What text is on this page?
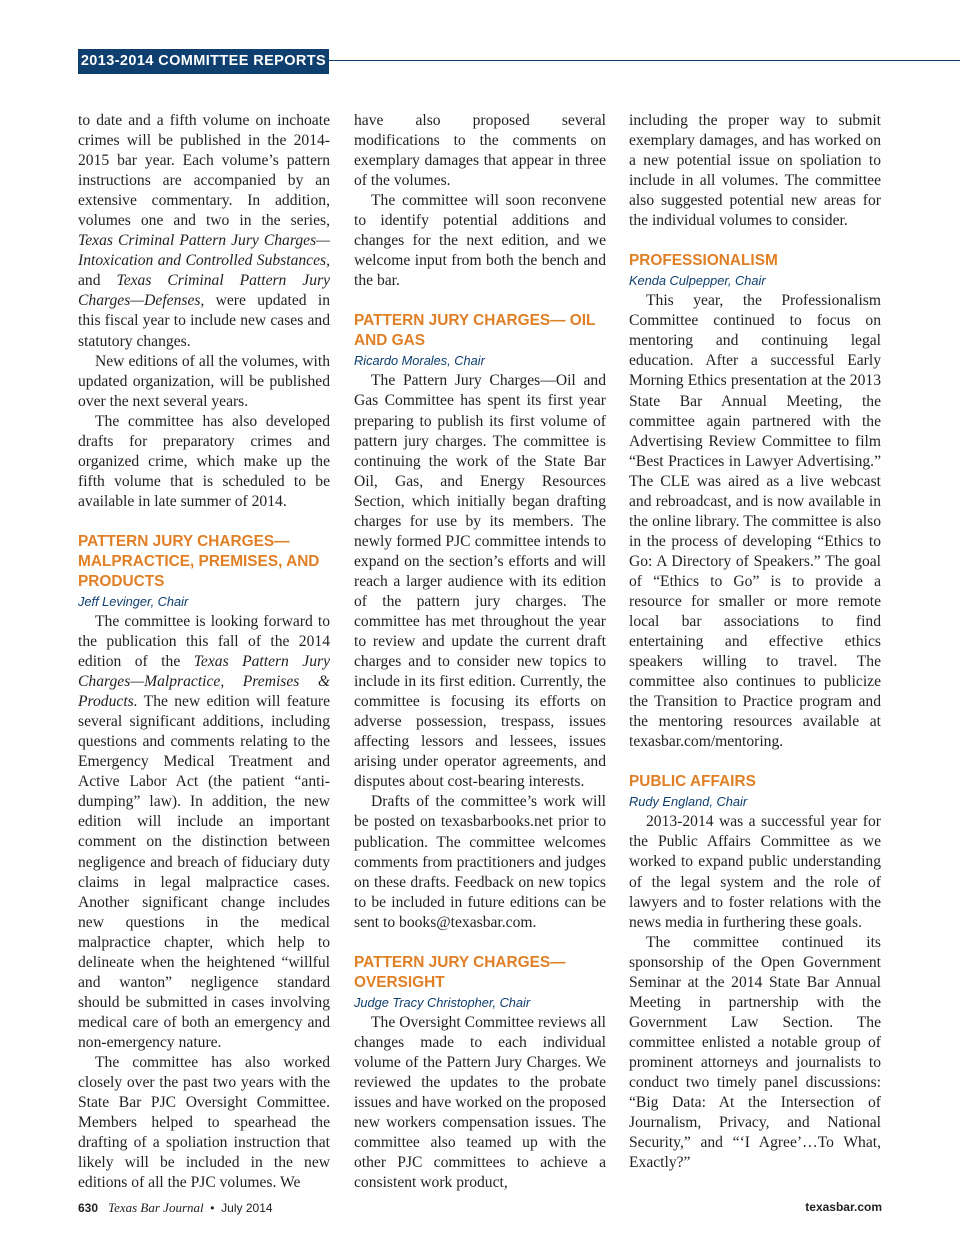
2013-2014 COMMITTEE REPORTS

to date and a fifth volume on inchoate crimes will be published in the 2014-2015 bar year. Each volume’s pattern instructions are accompanied by an extensive commentary. In addition, volumes one and two in the series, Texas Criminal Pattern Jury Charges—Intoxication and Controlled Substances, and Texas Criminal Pattern Jury Charges—Defenses, were updated in this fiscal year to include new cases and statutory changes.

New editions of all the volumes, with updated organization, will be published over the next several years.

The committee has also developed drafts for preparatory crimes and organized crime, which make up the fifth volume that is scheduled to be available in late summer of 2014.

PATTERN JURY CHARGES— MALPRACTICE, PREMISES, AND PRODUCTS
Jeff Levinger, Chair

The committee is looking forward to the publication this fall of the 2014 edition of the Texas Pattern Jury Charges—Malpractice, Premises & Products. The new edition will feature several significant additions, including questions and comments relating to the Emergency Medical Treatment and Active Labor Act (the patient “anti-dumping” law). In addition, the new edition will include an important comment on the distinction between negligence and breach of fiduciary duty claims in legal malpractice cases. Another significant change includes new questions in the medical malpractice chapter, which help to delineate when the heightened “willful and wanton” negligence standard should be submitted in cases involving medical care of both an emergency and non-emergency nature.

The committee has also worked closely over the past two years with the State Bar PJC Oversight Committee. Members helped to spearhead the drafting of a spoliation instruction that likely will be included in the new editions of all the PJC volumes. We

have also proposed several modifications to the comments on exemplary damages that appear in three of the volumes.

The committee will soon reconvene to identify potential additions and changes for the next edition, and we welcome input from both the bench and the bar.

PATTERN JURY CHARGES— OIL AND GAS
Ricardo Morales, Chair

The Pattern Jury Charges—Oil and Gas Committee has spent its first year preparing to publish its first volume of pattern jury charges. The committee is continuing the work of the State Bar Oil, Gas, and Energy Resources Section, which initially began drafting charges for use by its members. The newly formed PJC committee intends to expand on the section’s efforts and will reach a larger audience with its edition of the pattern jury charges. The committee has met throughout the year to review and update the current draft charges and to consider new topics to include in its first edition. Currently, the committee is focusing its efforts on adverse possession, trespass, issues affecting lessors and lessees, issues arising under operator agreements, and disputes about cost-bearing interests.

Drafts of the committee’s work will be posted on texasbarbooks.net prior to publication. The committee welcomes comments from practitioners and judges on these drafts. Feedback on new topics to be included in future editions can be sent to books@texasbar.com.

PATTERN JURY CHARGES— OVERSIGHT
Judge Tracy Christopher, Chair

The Oversight Committee reviews all changes made to each individual volume of the Pattern Jury Charges. We reviewed the updates to the probate issues and have worked on the proposed new workers compensation issues. The committee also teamed up with the other PJC committees to achieve a consistent work product,

including the proper way to submit exemplary damages, and has worked on a new potential issue on spoliation to include in all volumes. The committee also suggested potential new areas for the individual volumes to consider.

PROFESSIONALISM
Kenda Culpepper, Chair

This year, the Professionalism Committee continued to focus on mentoring and continuing legal education. After a successful Early Morning Ethics presentation at the 2013 State Bar Annual Meeting, the committee again partnered with the Advertising Review Committee to film “Best Practices in Lawyer Advertising.” The CLE was aired as a live webcast and rebroadcast, and is now available in the online library. The committee is also in the process of developing “Ethics to Go: A Directory of Speakers.” The goal of “Ethics to Go” is to provide a resource for smaller or more remote local bar associations to find entertaining and effective ethics speakers willing to travel. The committee also continues to publicize the Transition to Practice program and the mentoring resources available at texasbar.com/mentoring.

PUBLIC AFFAIRS
Rudy England, Chair

2013-2014 was a successful year for the Public Affairs Committee as we worked to expand public understanding of the legal system and the role of lawyers and to foster relations with the news media in furthering these goals.

The committee continued its sponsorship of the Open Government Seminar at the 2014 State Bar Annual Meeting in partnership with the Government Law Section. The committee enlisted a notable group of prominent attorneys and journalists to conduct two timely panel discussions: “Big Data: At the Intersection of Journalism, Privacy, and National Security,” and “‘I Agree’…To What, Exactly?”

630 Texas Bar Journal • July 2014	texasbar.com
